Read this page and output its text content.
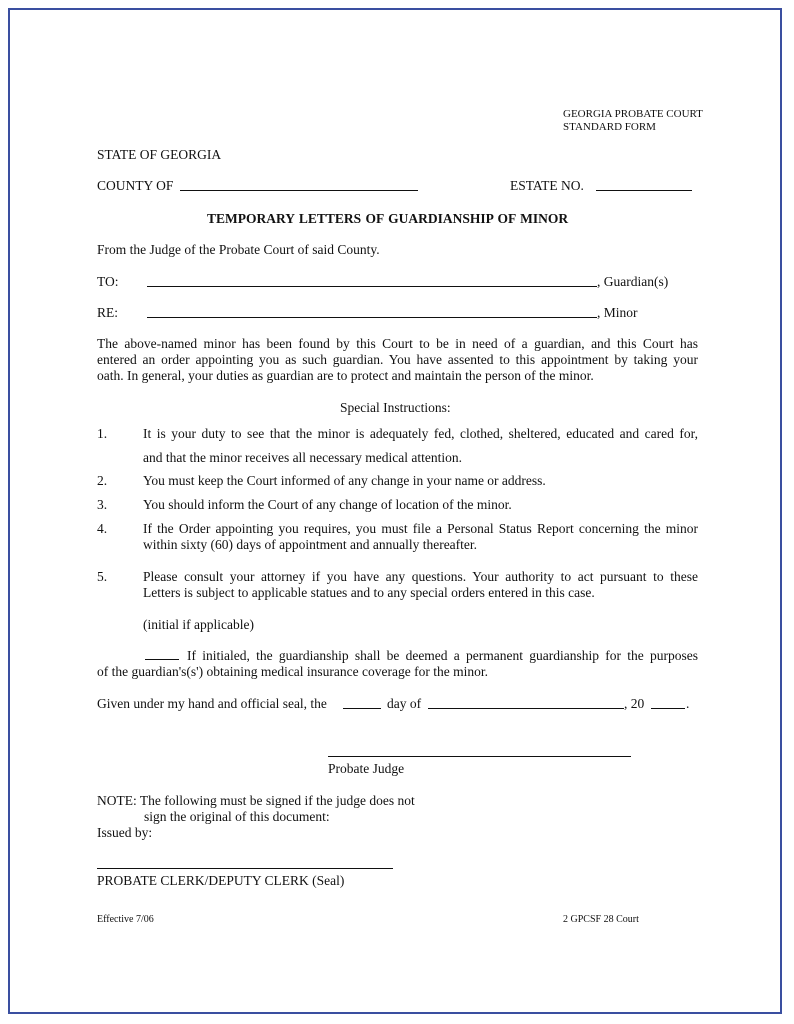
GEORGIA PROBATE COURT
STANDARD FORM
STATE OF GEORGIA
COUNTY OF	ESTATE NO.
TEMPORARY LETTERS OF GUARDIANSHIP OF MINOR
From the Judge of the Probate Court of said County.
TO:	, Guardian(s)
RE:	, Minor
The above-named minor has been found by this Court to be in need of a guardian, and this Court has
entered an order appointing you as such guardian. You have assented to this appointment by taking your
oath. In general, your duties as guardian are to protect and maintain the person of the minor.
Special Instructions:
1.	It is your duty to see that the minor is adequately fed, clothed, sheltered, educated and cared for,
and that the minor receives all necessary medical attention.
2.	You must keep the Court informed of any change in your name or address.
3.	You should inform the Court of any change of location of the minor.
4.	If the Order appointing you requires, you must file a Personal Status Report concerning the minor
within sixty (60) days of appointment and annually thereafter.
5.	Please consult your attorney if you have any questions. Your authority to act pursuant to these
Letters is subject to applicable statues and to any special orders entered in this case.
(initial if applicable)
If initialed, the guardianship shall be deemed a permanent guardianship for the purposes
of the guardian's(s') obtaining medical insurance coverage for the minor.
Given under my hand and official seal, the	day of	, 20	.
Probate Judge
NOTE: The following must be signed if the judge does not
sign the original of this document:
Issued by:
PROBATE CLERK/DEPUTY CLERK (Seal)
Effective 7/06	2 GPCSF 28 Court
